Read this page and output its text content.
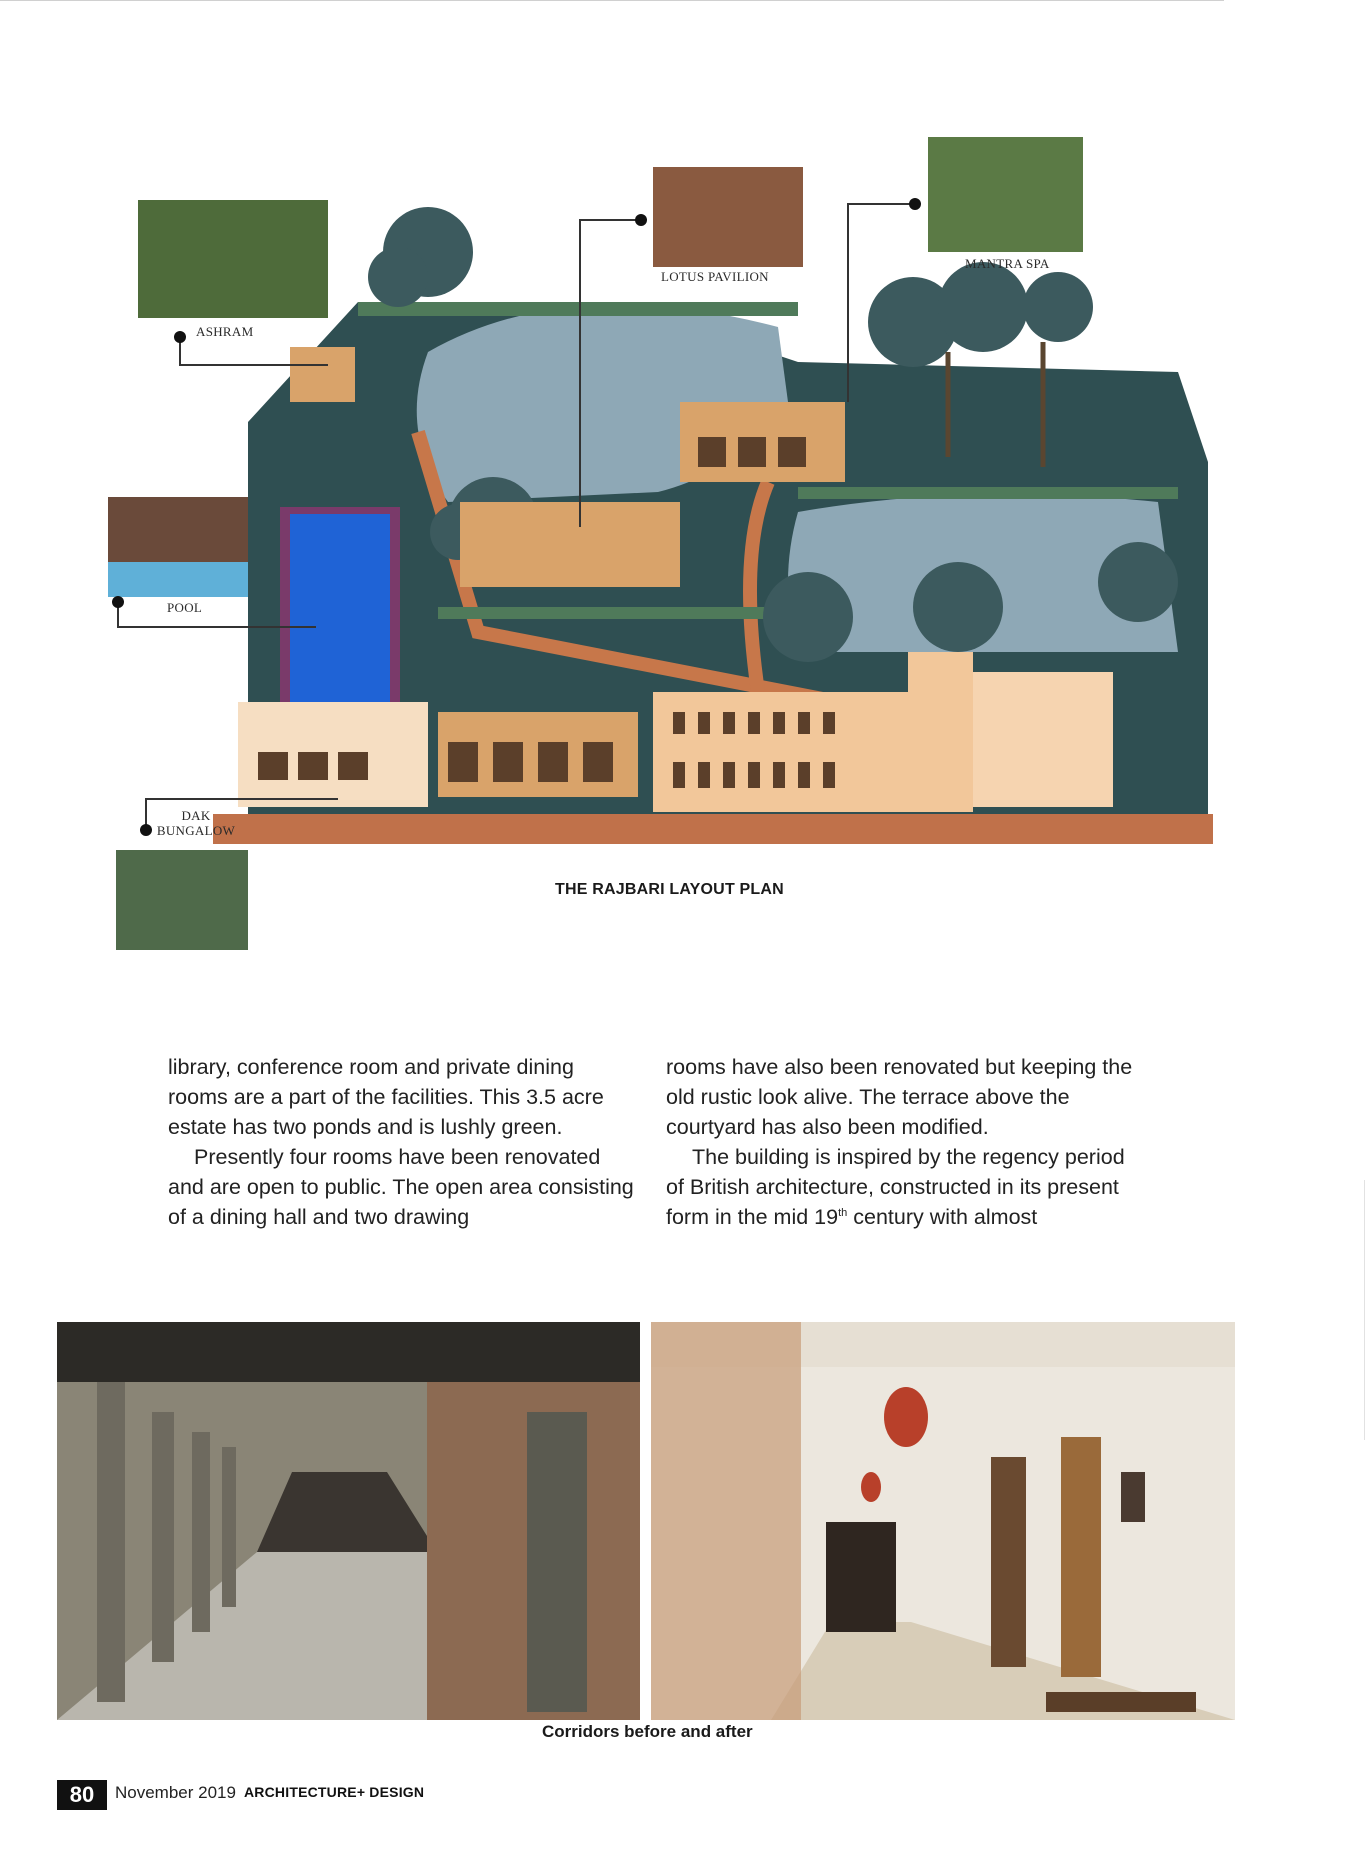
ASHRAM
LOTUS PAVILION
MANTRA SPA
POOL
DAK
BUNGALOW
THE RAJBARI LAYOUT PLAN

library, conference room and private dining rooms are a part of the facilities. This 3.5 acre estate has two ponds and is lushly green.

Presently four rooms have been renovated and are open to public. The open area consisting of a dining hall and two drawing

rooms have also been renovated but keeping the old rustic look alive. The terrace above the courtyard has also been modified.

The building is inspired by the regency period of British architecture, constructed in its present form in the mid 19th century with almost

Corridors before and after
80	November 2019 ARCHITECTURE+ DESIGN
